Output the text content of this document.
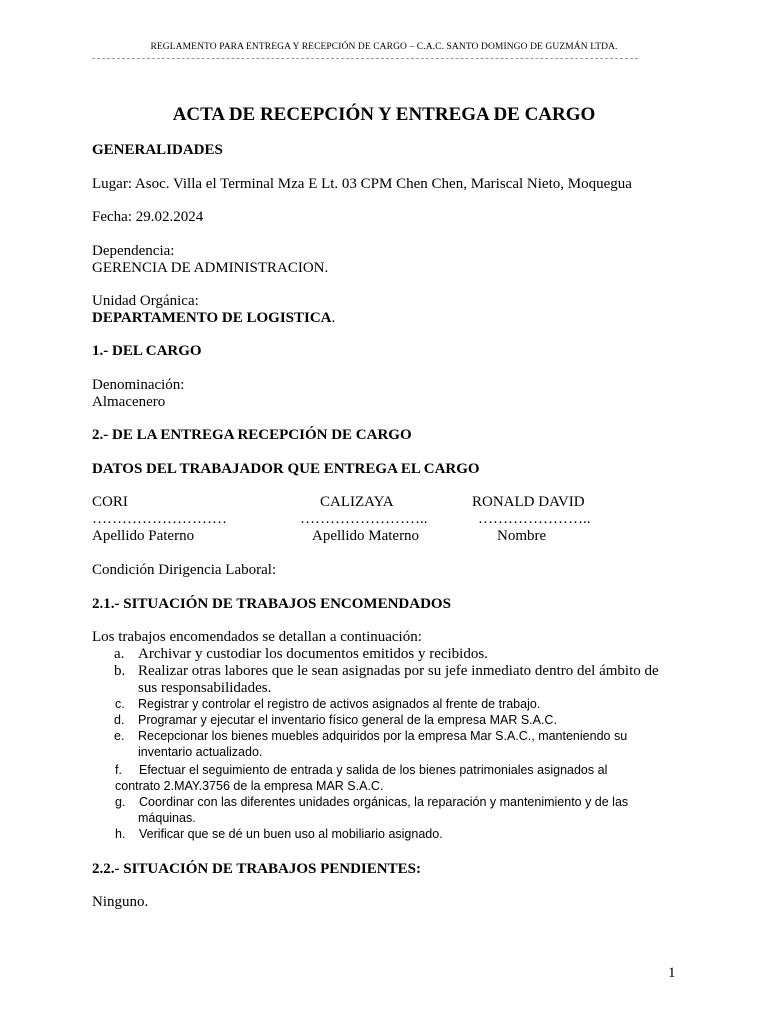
REGLAMENTO PARA ENTREGA Y RECEPCIÓN DE CARGO – C.A.C. SANTO DOMINGO DE GUZMÁN LTDA.
ACTA DE RECEPCIÓN Y ENTREGA DE CARGO
GENERALIDADES
Lugar: Asoc. Villa el Terminal Mza E Lt. 03 CPM Chen Chen, Mariscal Nieto, Moquegua
Fecha: 29.02.2024
Dependencia:
GERENCIA DE ADMINISTRACION.
Unidad Orgánica:
DEPARTAMENTO DE LOGISTICA.
1.- DEL CARGO
Denominación:
Almacenero
2.- DE LA ENTREGA RECEPCIÓN DE CARGO
DATOS DEL TRABAJADOR QUE ENTREGA EL CARGO
CORI	CALIZAYA	RONALD DAVID
………………………	……………………..	…………………..
Apellido Paterno	Apellido Materno	Nombre
Condición Dirigencia Laboral:
2.1.- SITUACIÓN DE TRABAJOS ENCOMENDADOS
Los trabajos encomendados se detallan a continuación:
a. Archivar y custodiar los documentos emitidos y recibidos.
b. Realizar otras labores que le sean asignadas por su jefe inmediato dentro del ámbito de
sus responsabilidades.
c. Registrar y controlar el registro de activos asignados al frente de trabajo.
d. Programar y ejecutar el inventario físico general de la empresa MAR S.A.C.
e. Recepcionar los bienes muebles adquiridos por la empresa Mar S.A.C., manteniendo su
inventario actualizado.
f. Efectuar el seguimiento de entrada y salida de los bienes patrimoniales asignados al
contrato 2.MAY.3756 de la empresa MAR S.A.C.
g. Coordinar con las diferentes unidades orgánicas, la reparación y mantenimiento y de las
máquinas.
h. Verificar que se dé un buen uso al mobiliario asignado.
2.2.- SITUACIÓN DE TRABAJOS PENDIENTES:
Ninguno.
1
